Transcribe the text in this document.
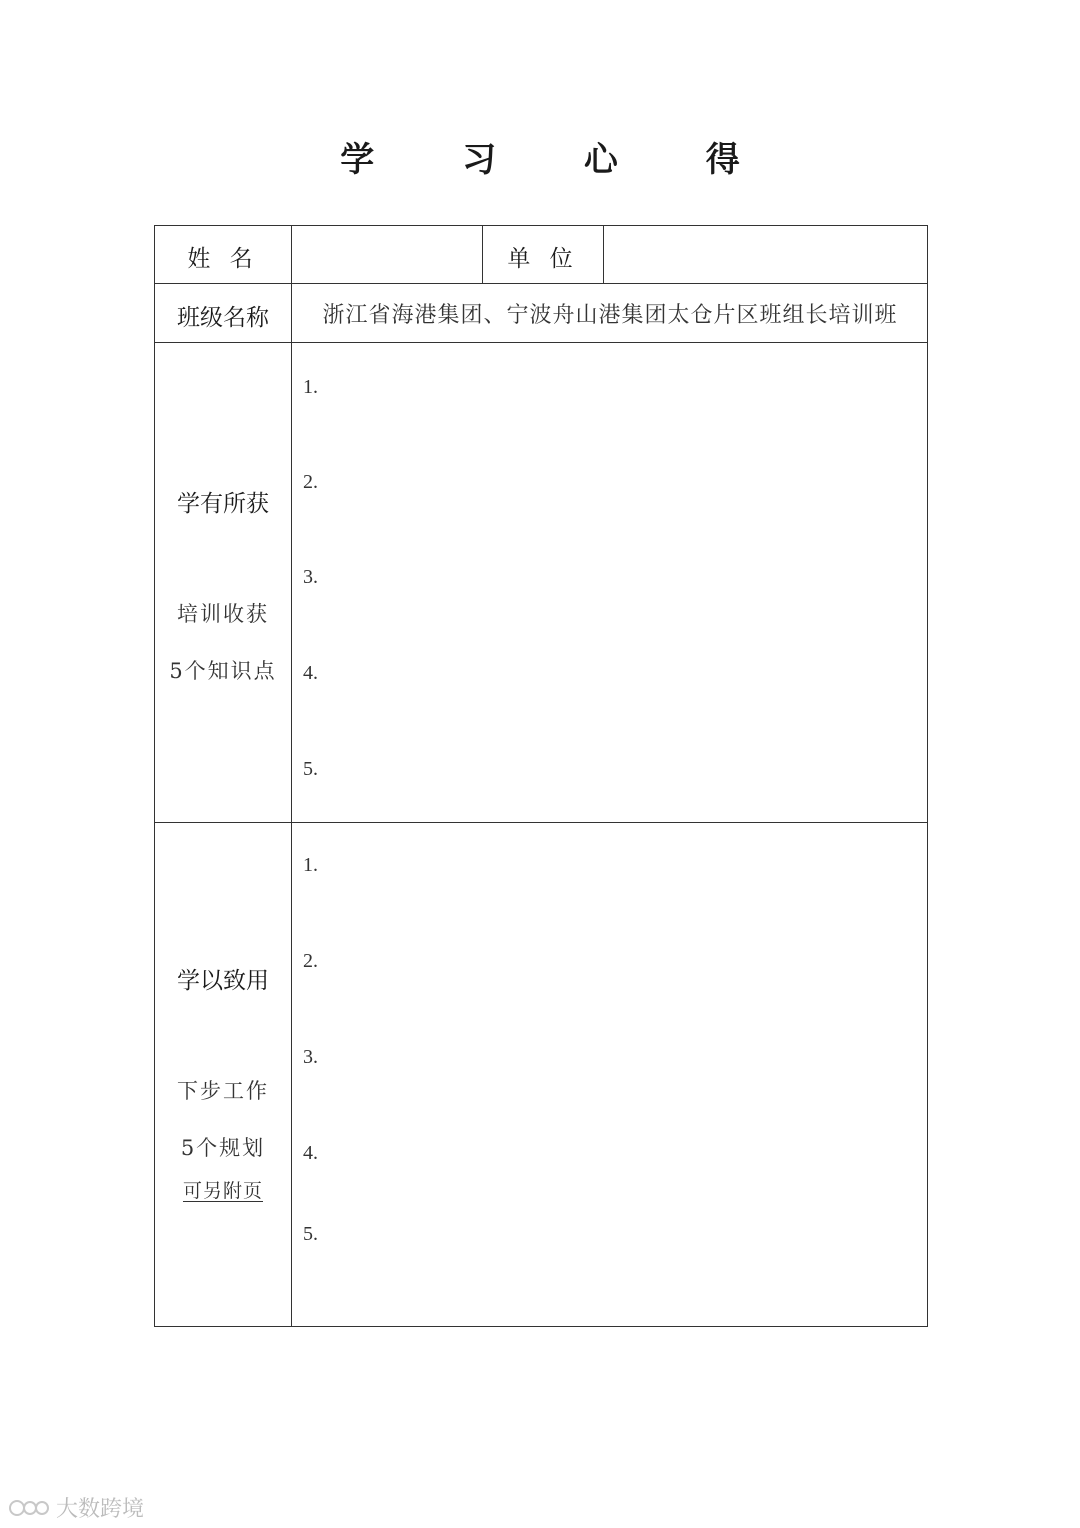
学 习 心 得
姓 名	单 位
班级名称	浙江省海港集团、宁波舟山港集团太仓片区班组长培训班
学有所获
培训收获
5个知识点
1.
2.
3.
4.
5.
学以致用
下步工作
5个规划
可另附页
1.
2.
3.
4.
5.
大数跨境
